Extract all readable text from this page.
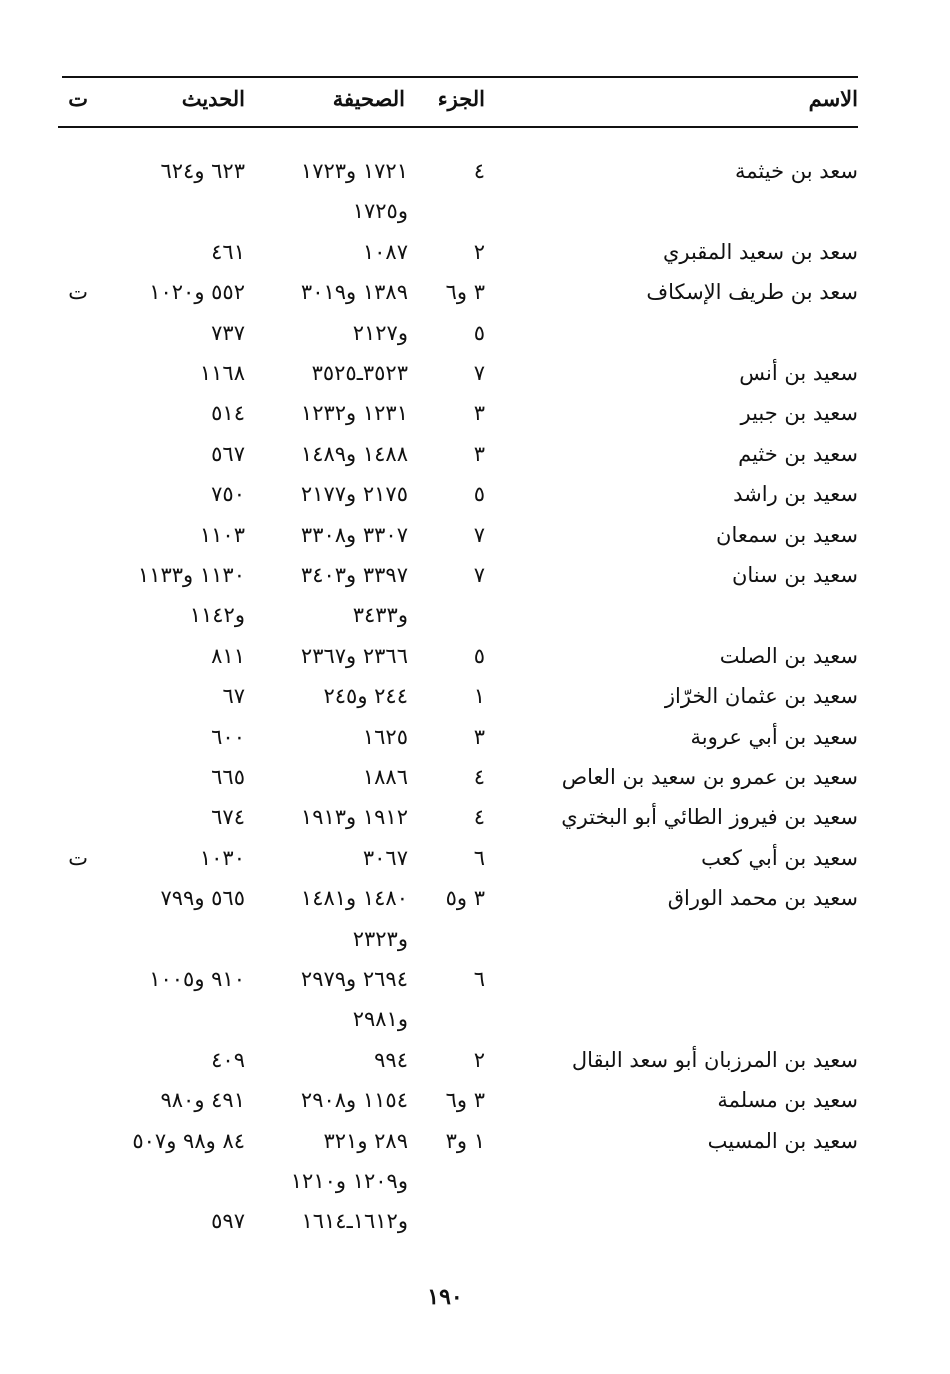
الاسم
الجزء
الصحيفة
الحديث
ت
سعد بن خيثمة
٤
١٧٢١ و١٧٢٣
٦٢٣ و٦٢٤
و١٧٢٥
سعد بن سعيد المقبري
٢
١٠٨٧
٤٦١
سعد بن طريف الإسكاف
٣ و٦
١٣٨٩ و٣٠١٩
٥٥٢ و١٠٢٠
ت
٥
و٢١٢٧
٧٣٧
سعيد بن أنس
٧
٣٥٢٣ـ٣٥٢٥
١١٦٨
سعيد بن جبير
٣
١٢٣١ و١٢٣٢
٥١٤
سعيد بن خثيم
٣
١٤٨٨ و١٤٨٩
٥٦٧
سعيد بن راشد
٥
٢١٧٥ و٢١٧٧
٧٥٠
سعيد بن سمعان
٧
٣٣٠٧ و٣٣٠٨
١١٠٣
سعيد بن سنان
٧
٣٣٩٧ و٣٤٠٣
١١٣٠ و١١٣٣
و٣٤٣٣
و١١٤٢
سعيد بن الصلت
٥
٢٣٦٦ و٢٣٦٧
٨١١
سعيد بن عثمان الخرّاز
١
٢٤٤ و٢٤٥
٦٧
سعيد بن أبي عروبة
٣
١٦٢٥
٦٠٠
سعيد بن عمرو بن سعيد بن العاص
٤
١٨٨٦
٦٦٥
سعيد بن فيروز الطائي أبو البختري
٤
١٩١٢ و١٩١٣
٦٧٤
سعيد بن أبي كعب
٦
٣٠٦٧
١٠٣٠
ت
سعيد بن محمد الوراق
٣ و٥
١٤٨٠ و١٤٨١
٥٦٥ و٧٩٩
و٢٣٢٣
٦
٢٦٩٤ و٢٩٧٩
٩١٠ و١٠٠٥
و٢٩٨١
سعيد بن المرزبان أبو سعد البقال
٢
٩٩٤
٤٠٩
سعيد بن مسلمة
٣ و٦
١١٥٤ و٢٩٠٨
٤٩١ و٩٨٠
سعيد بن المسيب
١ و٣
٢٨٩ و٣٢١
٨٤ و٩٨ و٥٠٧
و١٢٠٩ و١٢١٠
و١٦١٢ـ١٦١٤
٥٩٧
١٩٠
